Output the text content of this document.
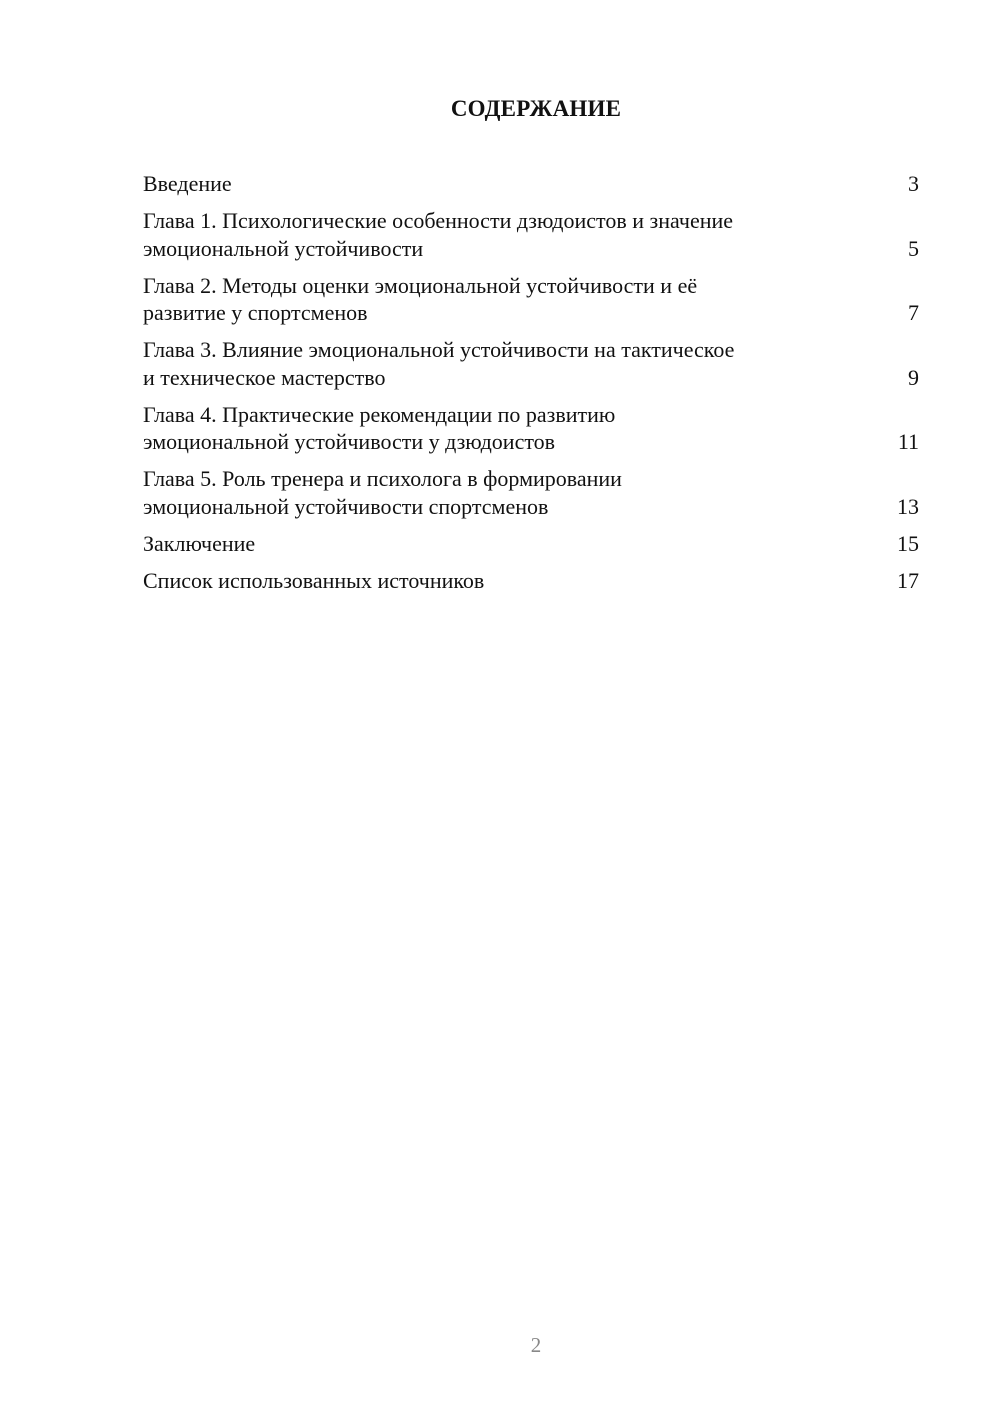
СОДЕРЖАНИЕ
Введение	3
Глава 1. Психологические особенности дзюдоистов и значение
эмоциональной устойчивости	5
Глава 2. Методы оценки эмоциональной устойчивости и её
развитие у спортсменов	7
Глава 3. Влияние эмоциональной устойчивости на тактическое
и техническое мастерство	9
Глава 4. Практические рекомендации по развитию
эмоциональной устойчивости у дзюдоистов	11
Глава 5. Роль тренера и психолога в формировании
эмоциональной устойчивости спортсменов	13
Заключение	15
Список использованных источников	17
2
